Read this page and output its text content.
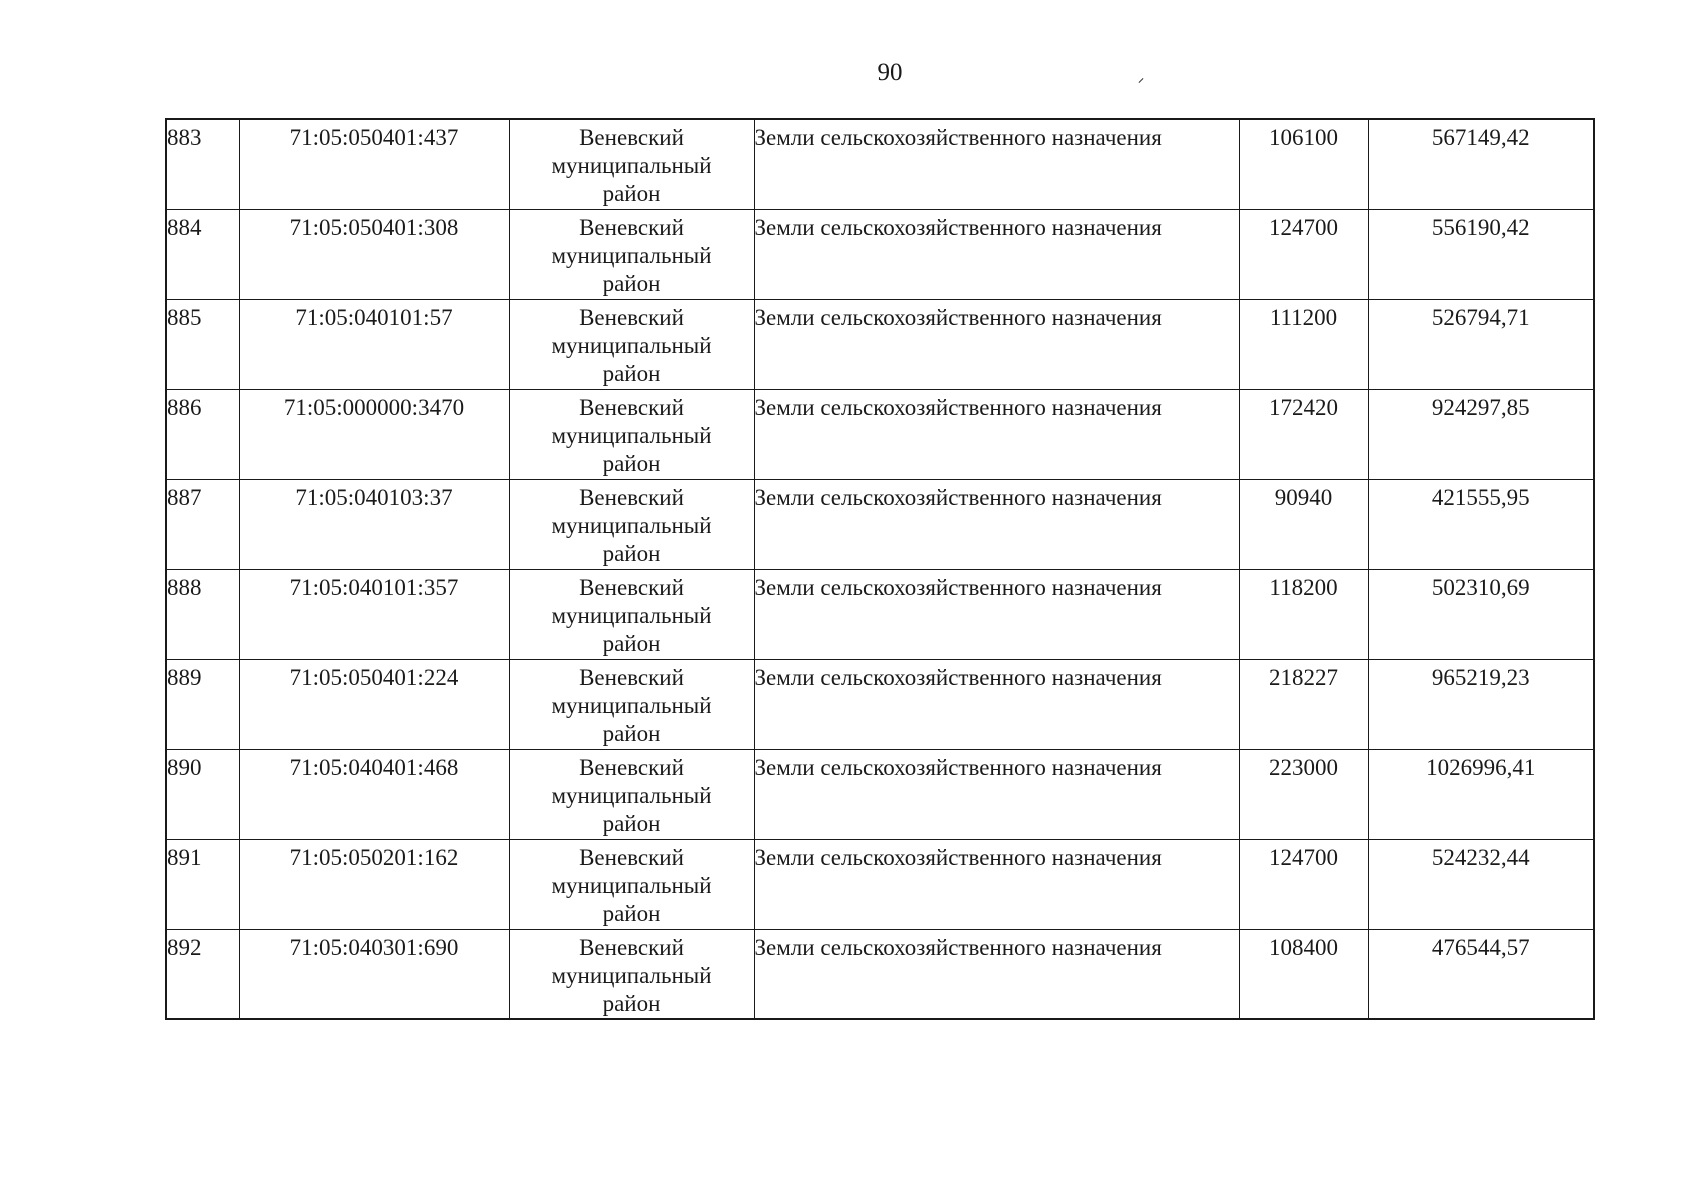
90
883	71:05:050401:437	Веневский
муниципальный
район	Земли сельскохозяйственного назначения	106100	567149,42
884	71:05:050401:308	Веневский
муниципальный
район	Земли сельскохозяйственного назначения	124700	556190,42
885	71:05:040101:57	Веневский
муниципальный
район	Земли сельскохозяйственного назначения	111200	526794,71
886	71:05:000000:3470	Веневский
муниципальный
район	Земли сельскохозяйственного назначения	172420	924297,85
887	71:05:040103:37	Веневский
муниципальный
район	Земли сельскохозяйственного назначения	90940	421555,95
888	71:05:040101:357	Веневский
муниципальный
район	Земли сельскохозяйственного назначения	118200	502310,69
889	71:05:050401:224	Веневский
муниципальный
район	Земли сельскохозяйственного назначения	218227	965219,23
890	71:05:040401:468	Веневский
муниципальный
район	Земли сельскохозяйственного назначения	223000	1026996,41
891	71:05:050201:162	Веневский
муниципальный
район	Земли сельскохозяйственного назначения	124700	524232,44
892	71:05:040301:690	Веневский
муниципальный
район	Земли сельскохозяйственного назначения	108400	476544,57
